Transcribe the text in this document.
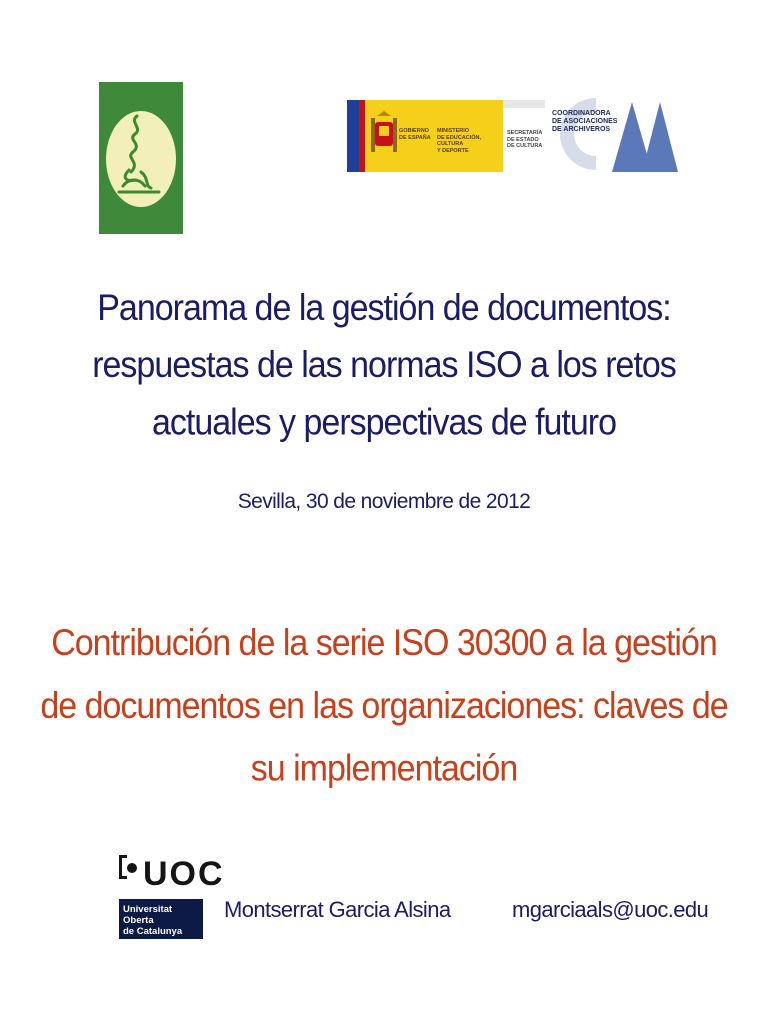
GOBIERNO
DE ESPAÑA
MINISTERIO
DE EDUCACIÓN, CULTURA
Y DEPORTE
SECRETARÍA
DE ESTADO
DE CULTURA
COORDINADORA
DE ASOCIACIONES
DE ARCHIVEROS
Panorama de la gestión de documentos: respuestas de las normas ISO a los retos actuales y perspectivas de futuro
Sevilla, 30 de noviembre de 2012
Contribución de la serie ISO 30300 a la gestión de documentos en las organizaciones: claves de su implementación
UOC
Universitat Oberta
de Catalunya
Montserrat Garcia Alsina	mgarciaals@uoc.edu
